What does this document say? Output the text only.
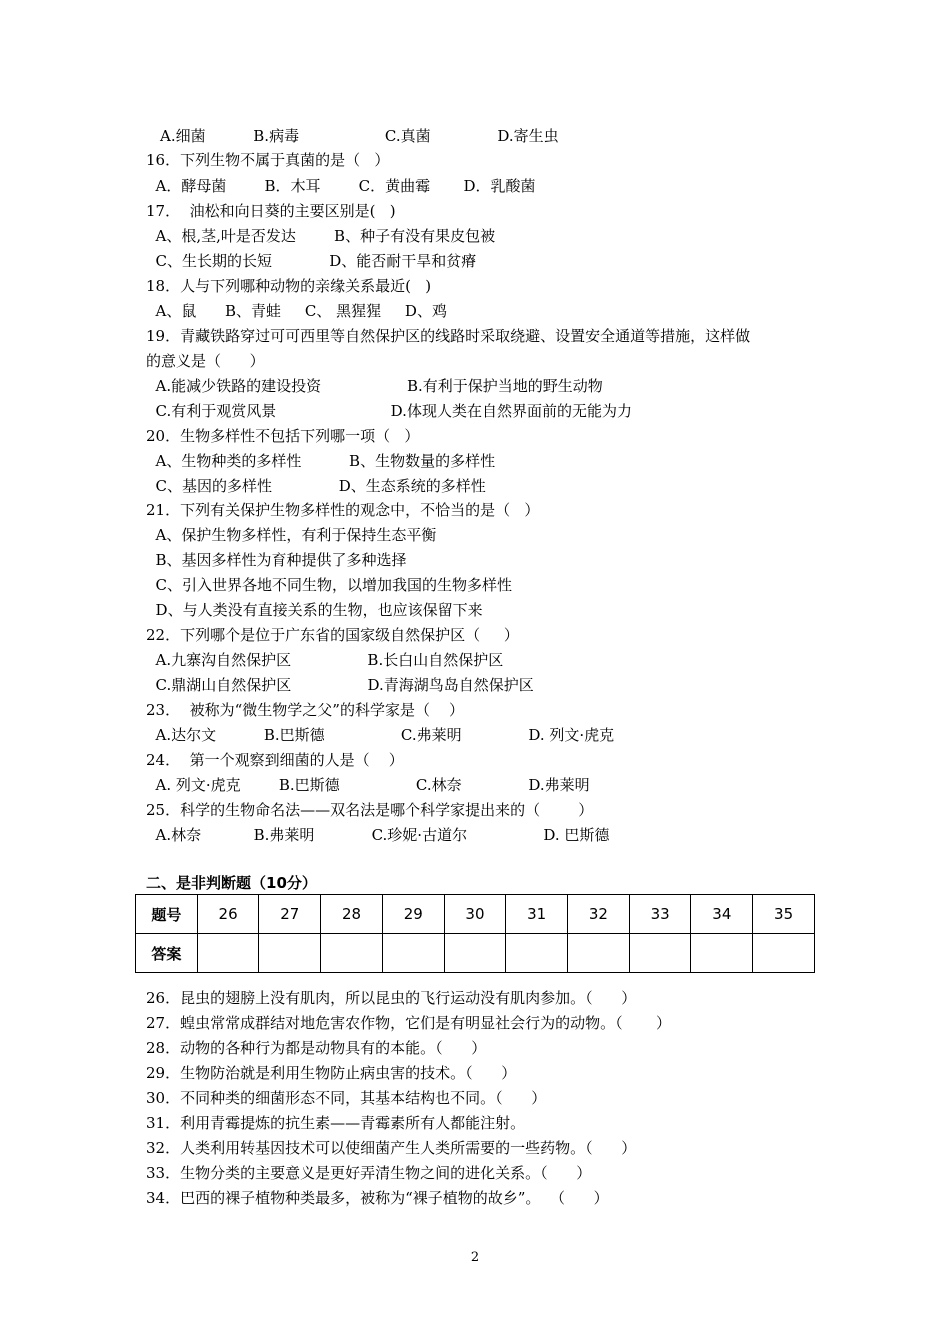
A.细菌          B.病毒                  C.真菌              D.寄生虫
16．下列生物不属于真菌的是（   ）
A．酵母菌        B．木耳        C．黄曲霉       D．乳酸菌
17．  油松和向日葵的主要区别是(   )
A、根,茎,叶是否发达        B、种子有没有果皮包被
C、生长期的长短            D、能否耐干旱和贫瘠
18．人与下列哪种动物的亲缘关系最近(   )
A、鼠      B、青蛙     C、 黑猩猩     D、鸡
19．青藏铁路穿过可可西里等自然保护区的线路时采取绕避、设置安全通道等措施，这样做
的意义是（      ）
A.能减少铁路的建设投资                  B.有利于保护当地的野生动物
C.有利于观赏风景                        D.体现人类在自然界面前的无能为力
20．生物多样性不包括下列哪一项（   ）
A、生物种类的多样性          B、生物数量的多样性
C、基因的多样性              D、生态系统的多样性
21．下列有关保护生物多样性的观念中，不恰当的是（   ）
A、保护生物多样性，有利于保持生态平衡
B、基因多样性为育种提供了多种选择
C、引入世界各地不同生物，以增加我国的生物多样性
D、与人类没有直接关系的生物，也应该保留下来
22．下列哪个是位于广东省的国家级自然保护区（     ）
A.九寨沟自然保护区                B.长白山自然保护区
C.鼎湖山自然保护区                D.青海湖鸟岛自然保护区
23．  被称为“微生物学之父”的科学家是（    ）
A.达尔文          B.巴斯德                C.弗莱明              D. 列文·虎克
24．  第一个观察到细菌的人是（    ）
A. 列文·虎克        B.巴斯德                C.林奈              D.弗莱明
25．科学的生物命名法——双名法是哪个科学家提出来的（        ）
A.林奈           B.弗莱明            C.珍妮·古道尔                D. 巴斯德
二、是非判断题（10分）
题号	26	27	28	29	30	31	32	33	34	35
答案										
26．昆虫的翅膀上没有肌肉，所以昆虫的飞行运动没有肌肉参加。（      ）
27．蝗虫常常成群结对地危害农作物，它们是有明显社会行为的动物。（       ）
28．动物的各种行为都是动物具有的本能。（      ）
29．生物防治就是利用生物防止病虫害的技术。（      ）
30．不同种类的细菌形态不同，其基本结构也不同。（      ）
31．利用青霉提炼的抗生素——青霉素所有人都能注射。
32．人类利用转基因技术可以使细菌产生人类所需要的一些药物。（      ）
33．生物分类的主要意义是更好弄清生物之间的进化关系。（      ）
34．巴西的裸子植物种类最多，被称为“裸子植物的故乡”。  （      ）
2
